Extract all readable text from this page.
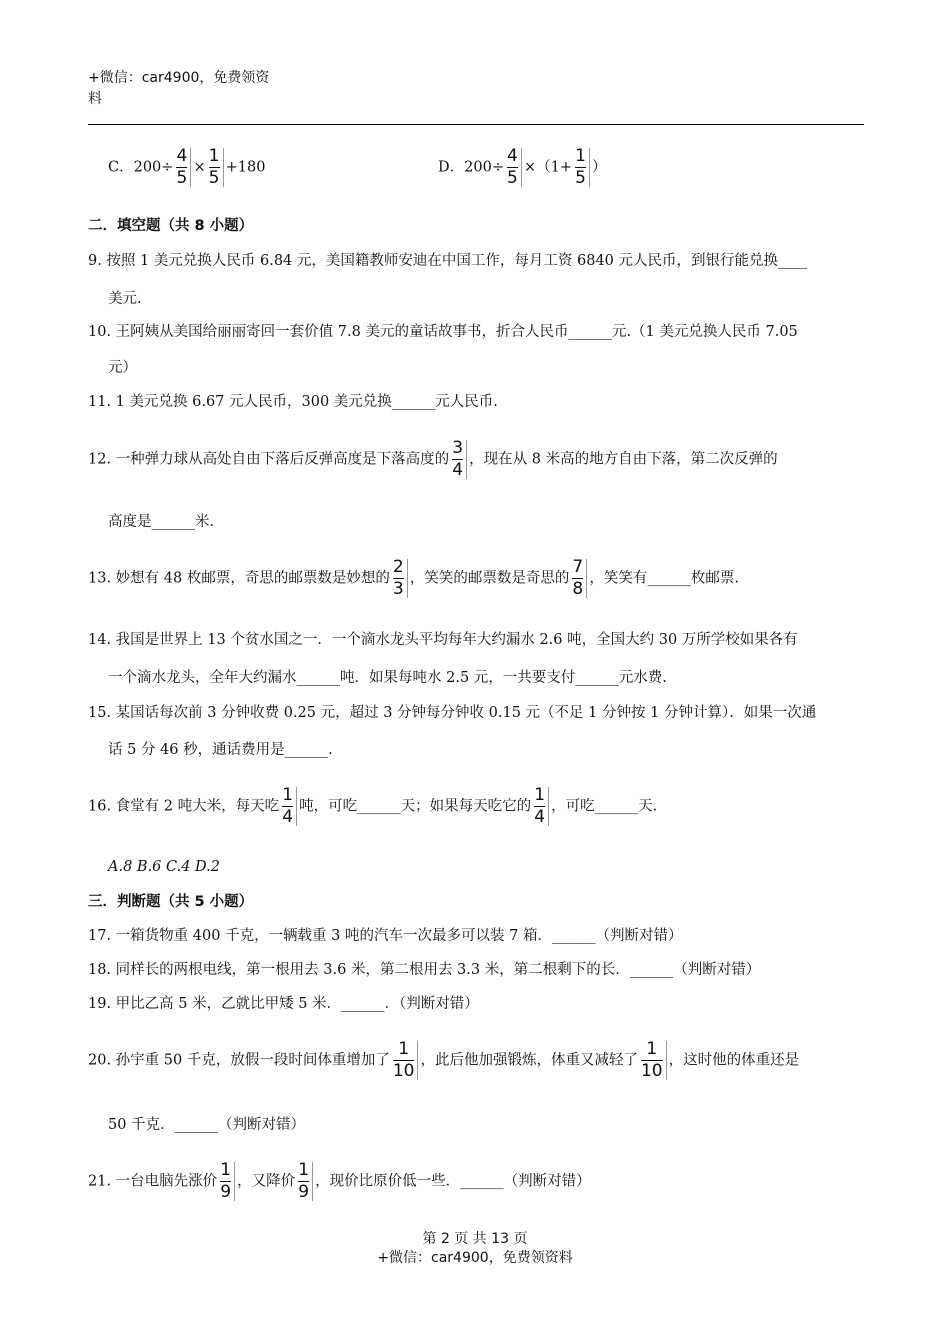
+微信：car4900，免费领资
料
C．$200\div \frac{4}{5} \times \frac{1}{5} +180$	D．$200\div \frac{4}{5} \times(1+ \frac{1}{5}$ ）
二．填空题（共 8 小题）
9. 按照 1 美元兑换人民币 6.84 元，美国籍教师安迪在中国工作，每月工资 6840 元人民币，到银行能兑换____
美元.
10. 王阿姨从美国给丽丽寄回一套价值 7.8 美元的童话故事书，折合人民币______元.（1 美元兑换人民币 7.05
元）
11. 1 美元兑换 6.67 元人民币，300 美元兑换______元人民币.
12. 一种弹力球从高处自由下落后反弹高度是下落高度的 $\frac{3}{4}$ ，现在从 8 米高的地方自由下落，第二次反弹的
高度是______米.
13. 妙想有 48 枚邮票，奇思的邮票数是妙想的 $\frac{2}{3}$ ，笑笑的邮票数是奇思的 $\frac{7}{8}$ ，笑笑有______枚邮票.
14. 我国是世界上 13 个贫水国之一．一个滴水龙头平均每年大约漏水 2.6 吨，全国大约 30 万所学校如果各有
一个滴水龙头，全年大约漏水______吨．如果每吨水 2.5 元，一共要支付______元水费.
15. 某国话每次前 3 分钟收费 0.25 元，超过 3 分钟每分钟收 0.15 元（不足 1 分钟按 1 分钟计算）．如果一次通
话 5 分 46 秒，通话费用是______.
16. 食堂有 2 吨大米，每天吃 $\frac{1}{4}$ 吨，可吃______天；如果每天吃它的 $\frac{1}{4}$ ，可吃______天.
A.8 B.6 C.4 D.2
三．判断题（共 5 小题）
17. 一箱货物重 400 千克，一辆载重 3 吨的汽车一次最多可以装 7 箱．______（判断对错）
18. 同样长的两根电线，第一根用去 3.6 米，第二根用去 3.3 米，第二根剩下的长．______（判断对错）
19. 甲比乙高 5 米，乙就比甲矮 5 米．______．（判断对错）
20. 孙宇重 50 千克，放假一段时间体重增加了 $\frac{1}{10}$ ，此后他加强锻炼，体重又减轻了 $\frac{1}{10}$ ，这时他的体重还是
50 千克．______（判断对错）
21. 一台电脑先涨价 $\frac{1}{9}$ ，又降价 $\frac{1}{9}$ ，现价比原价低一些．______（判断对错）
第 2 页 共 13 页
+微信：car4900，免费领资料
